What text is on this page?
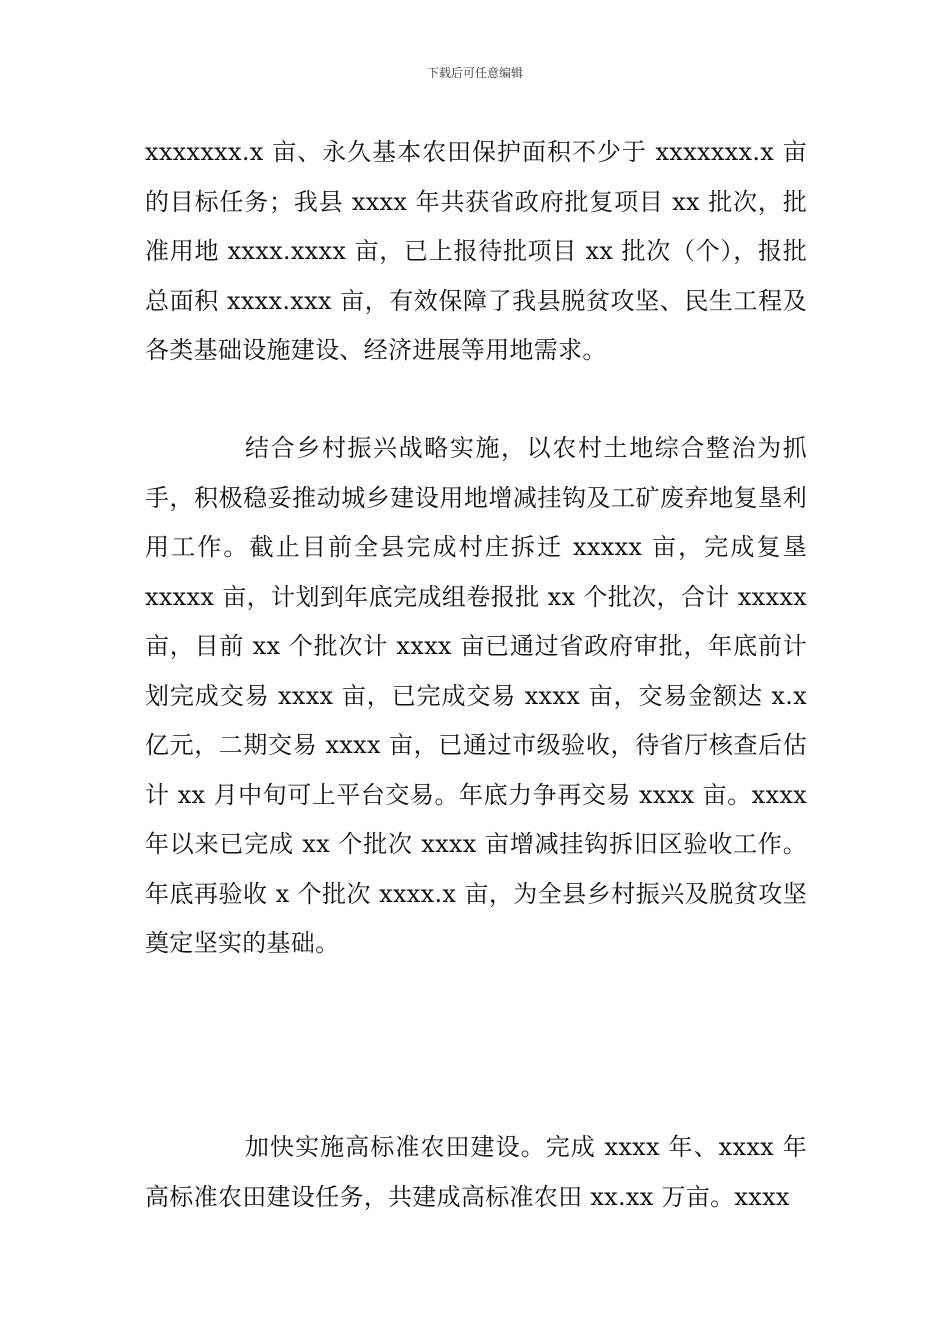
下载后可任意编辑

xxxxxxx.x 亩、永久基本农田保护面积不少于 xxxxxxx.x 亩的目标任务；我县 xxxx 年共获省政府批复项目 xx 批次，批准用地 xxxx.xxxx 亩，已上报待批项目 xx 批次（个），报批总面积 xxxx.xxx 亩，有效保障了我县脱贫攻坚、民生工程及各类基础设施建设、经济进展等用地需求。

结合乡村振兴战略实施，以农村土地综合整治为抓手，积极稳妥推动城乡建设用地增减挂钩及工矿废弃地复垦利用工作。截止目前全县完成村庄拆迁 xxxxx 亩，完成复垦 xxxxx 亩，计划到年底完成组卷报批 xx 个批次，合计 xxxxx 亩，目前 xx 个批次计 xxxx 亩已通过省政府审批，年底前计划完成交易 xxxx 亩，已完成交易 xxxx 亩，交易金额达 x.x 亿元，二期交易 xxxx 亩，已通过市级验收，待省厅核查后估计 xx 月中旬可上平台交易。年底力争再交易 xxxx 亩。xxxx 年以来已完成 xx 个批次 xxxx 亩增减挂钩拆旧区验收工作。年底再验收 x 个批次 xxxx.x 亩，为全县乡村振兴及脱贫攻坚奠定坚实的基础。

加快实施高标准农田建设。完成 xxxx 年、xxxx 年高标准农田建设任务，共建成高标准农田 xx.xx 万亩。xxxx
